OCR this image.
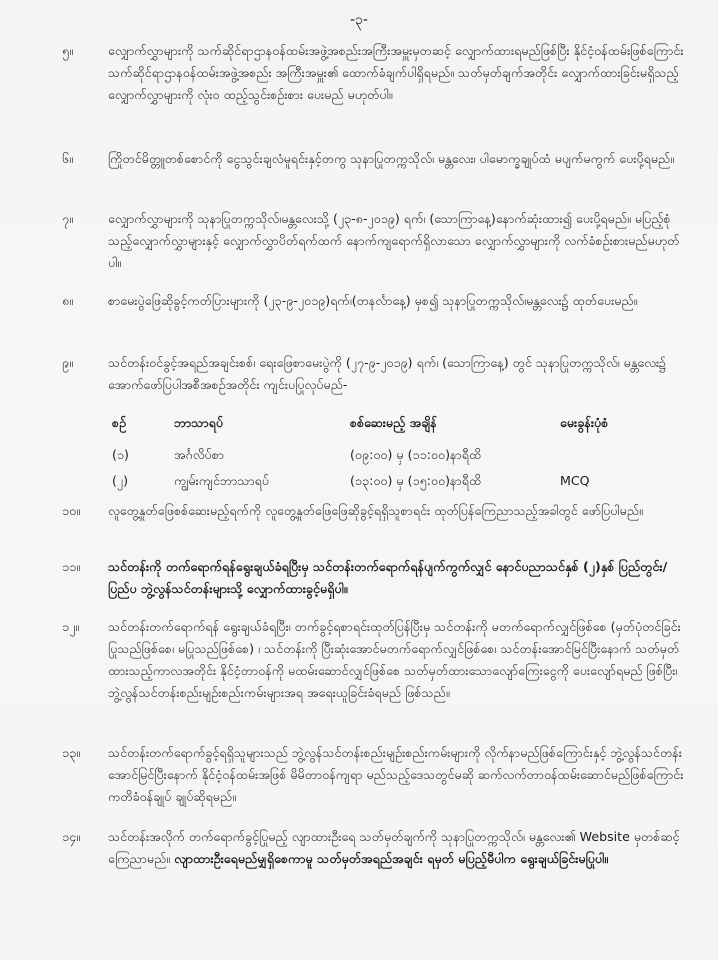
-၃-
၅။	လျှောက်လွှာများကို သက်ဆိုင်ရာဌာနဝန်ထမ်းအဖွဲ့အစည်းအကြီးအမှူးမှတဆင့် လျှောက်ထားရမည်ဖြစ်ပြီး နိုင်ငံ့ဝန်ထမ်းဖြစ်ကြောင်း သက်ဆိုင်ရာဌာနဝန်ထမ်းအဖွဲ့အစည်း အကြီးအမှူး၏ ထောက်ခံချက်ပါရှိရမည်။ သတ်မှတ်ချက်အတိုင်း လျှောက်ထားခြင်းမရှိသည့် လျှောက်လွှာများကို လုံးဝ ထည့်သွင်းစဉ်းစား ပေးမည် မဟုတ်ပါ။
၆။	ကြိုတင်မိတ္တူတစ်စောင်ကို ငွေသွင်းချလံမူရင်းနှင့်တကွ သုနာပြုတက္ကသိုလ်၊ မန္တလေး၊ ပါမောက္ခချုပ်ထံ မပျက်မကွက် ပေးပို့ရမည်။
၇။	လျှောက်လွှာများကို သုနာပြုတက္ကသိုလ်၊မန္တလေးသို့ (၂၃-၈-၂၀၁၉) ရက်၊ (သောကြာနေ့)နောက်ဆုံးထား၍ ပေးပို့ရမည်။ မပြည့်စုံသည့်လျှောက်လွှာများနှင့် လျှောက်လွှာပိတ်ရက်ထက် နောက်ကျရောက်ရှိလာသော လျှောက်လွှာများကို လက်ခံစဉ်းစားမည်မဟုတ်ပါ။
၈။	စာမေးပွဲဖြေဆိုခွင့်ကတ်ပြားများကို (၂၃-၉-၂၀၁၉)ရက်၊(တနင်္လာနေ့) မှစ၍ သုနာပြုတက္ကသိုလ်၊မန္တလေး၌ ထုတ်ပေးမည်။
၉။	သင်တန်းဝင်ခွင့်အရည်အချင်းစစ်၊ ရေးဖြေစာမေးပွဲကို (၂၇-၉-၂၀၁၉) ရက်၊ (သောကြာနေ့) တွင် သုနာပြုတက္ကသိုလ်၊ မန္တလေး၌ အောက်ဖော်ပြပါအစီအစဉ်အတိုင်း ကျင်းပပြုလုပ်မည်-
စဉ်	ဘာသာရပ်	စစ်ဆေးမည့် အချိန်	မေးခွန်းပုံစံ
(၁)	အင်္ဂလိပ်စာ	(၀၉:၀၀) မှ (၁၁:၀၀)နာရီထိ
(၂)	ကျွမ်းကျင်ဘာသာရပ်	(၁၃:၀၀) မှ (၁၅:၀၀)နာရီထိ	MCQ
၁၀။	လူတွေ့နှုတ်ဖြေစစ်ဆေးမည့်ရက်ကို လူတွေ့နှုတ်ဖြေဖြေဆိုခွင့်ရရှိသူစာရင်း ထုတ်ပြန်ကြေညာသည့်အခါတွင် ဖော်ပြပါမည်။
၁၁။	သင်တန်းကို တက်ရောက်ရန်ရွေးချယ်ခံရပြီးမှ သင်တန်းတက်ရောက်ရန်ပျက်ကွက်လျှင် နောင်ပညာသင်နှစ် (၂)နှစ် ပြည်တွင်း/ပြည်ပ ဘွဲ့လွန်သင်တန်းများသို့ လျှောက်ထားခွင့်မရှိပါ။
၁၂။	သင်တန်းတက်ရောက်ရန် ရွေးချယ်ခံရပြီး၊ တက်ခွင့်ရစာရင်းထုတ်ပြန်ပြီးမှ သင်တန်းကို မတက်ရောက်လျှင်ဖြစ်စေ (မှတ်ပုံတင်ခြင်းပြုသည်ဖြစ်စေ၊ မပြုသည်ဖြစ်စေ) ၊ သင်တန်းကို ပြီးဆုံးအောင်မတက်ရောက်လျှင်ဖြစ်စေ၊ သင်တန်းအောင်မြင်ပြီးနောက် သတ်မှတ်ထားသည့်ကာလအတိုင်း နိုင်ငံ့တာဝန်ကို မထမ်းဆောင်လျှင်ဖြစ်စေ သတ်မှတ်ထားသောလျော်ကြေးငွေကို ပေးလျော်ရမည် ဖြစ်ပြီး၊ ဘွဲ့လွန်သင်တန်းစည်းမျဉ်းစည်းကမ်းများအရ အရေးယူခြင်းခံရမည် ဖြစ်သည်။
၁၃။	သင်တန်းတက်ရောက်ခွင့်ရရှိသူများသည် ဘွဲ့လွန်သင်တန်းစည်းမျဉ်းစည်းကမ်းများကို လိုက်နာမည်ဖြစ်ကြောင်းနှင့် ဘွဲ့လွန်သင်တန်းအောင်မြင်ပြီးနောက် နိုင်ငံ့ဝန်ထမ်းအဖြစ် မိမိတာဝန်ကျရာ မည်သည့်ဒေသတွင်မဆို ဆက်လက်တာဝန်ထမ်းဆောင်မည်ဖြစ်ကြောင်း ကတိခံဝန်ချုပ် ချုပ်ဆိုရမည်။
၁၄။	သင်တန်းအလိုက် တက်ရောက်ခွင့်ပြုမည့် လျာထားဦးရေ သတ်မှတ်ချက်ကို သုနာပြုတက္ကသိုလ်၊ မန္တလေး၏ Website မှတစ်ဆင့် ကြေညာမည်။ လျာထားဦးရေမည်မျှရှိစေကာမူ သတ်မှတ်အရည်အချင်း ရမှတ် မပြည့်မီပါက ရွေးချယ်ခြင်းမပြုပါ။
